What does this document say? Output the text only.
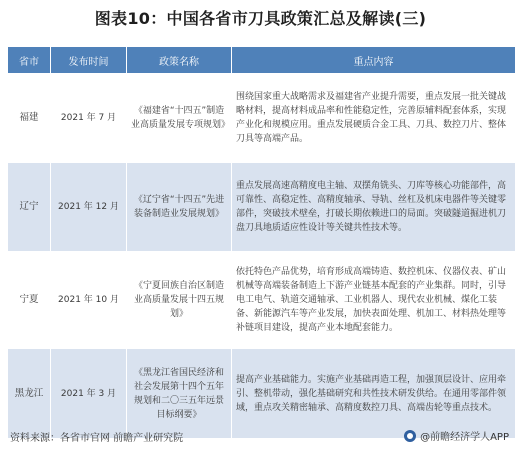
图表10：中国各省市刀具政策汇总及解读(三)
省市	发布时间	政策名称	重点内容
福建	2021 年 7 月	《福建省“十四五”制造业高质量发展专项规划》	围绕国家重大战略需求及福建省产业提升需要，重点发展一批关键战略材料，提高材料成品率和性能稳定性，完善原辅料配套体系，实现产业化和规模应用。重点发展硬质合金工具、刀具、数控刀片、整体刀具等高端产品。
辽宁	2021 年 12 月	《辽宁省“十四五”先进装备制造业发展规划》	重点发展高速高精度电主轴、双摆角铣头、刀库等核心功能部件，高可靠性、高稳定性、高精度轴承、导轨、丝杠及机床电器件等关键零部件，突破技术壁垒，打破长期依赖进口的局面。突破隧道掘进机刀盘刀具地质适应性设计等关键共性技术等。
宁夏	2021 年 10 月	《宁夏回族自治区制造业高质量发展十四五规划》	依托特色产品优势，培育形成高端铸造、数控机床、仪器仪表、矿山机械等高端装备制造上下游产业链基本配套的产业集群。同时，引导电工电气、轨道交通轴承、工业机器人、现代农业机械、煤化工装备、新能源汽车等产业发展，加快表面处理、机加工、材料热处理等补链项目建设，提高产业本地配套能力。
黑龙江	2021 年 3 月	《黑龙江省国民经济和社会发展第十四个五年规划和二〇三五年远景目标纲要》	提高产业基础能力。实施产业基础再造工程，加强顶层设计、应用牵引、整机带动，强化基础研究和共性技术研发供给。在通用零部件领域，重点攻关精密轴承、高精度数控刀具、高端齿轮等重点技术。
资料来源：各省市官网 前瞻产业研究院	@前瞻经济学人APP
